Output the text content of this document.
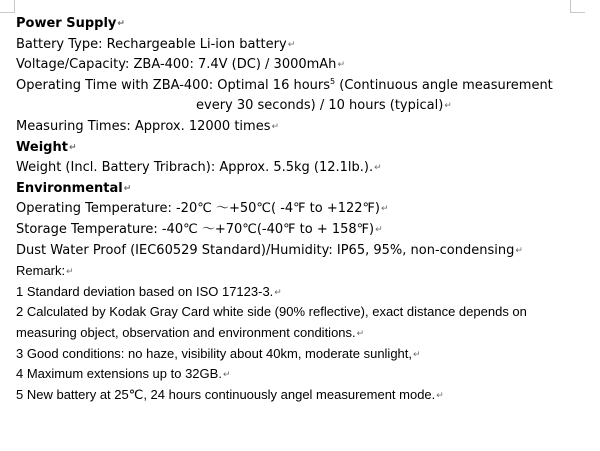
Power Supply↵
Battery Type: Rechargeable Li-ion battery↵
Voltage/Capacity: ZBA-400: 7.4V (DC) / 3000mAh↵
Operating Time with ZBA-400: Optimal 16 hours$^5$ (Continuous angle measurement
every 30 seconds) / 10 hours (typical)↵
Measuring Times: Approx. 12000 times↵
Weight↵
Weight (Incl. Battery Tribrach): Approx. 5.5kg (12.1lb.).↵
Environmental↵
Operating Temperature: -20℃ ～+50℃( -4℉ to +122℉)↵
Storage Temperature: -40℃ ～+70℃(-40℉ to + 158℉)↵
Dust Water Proof (IEC60529 Standard)/Humidity: IP65, 95%, non-condensing↵
Remark:↵
1 Standard deviation based on ISO 17123-3.↵
2 Calculated by Kodak Gray Card white side (90% reflective), exact distance depends on measuring object, observation and environment conditions.↵
3 Good conditions: no haze, visibility about 40km, moderate sunlight,↵
4 Maximum extensions up to 32GB.↵
5 New battery at 25℃, 24 hours continuously angel measurement mode.↵
